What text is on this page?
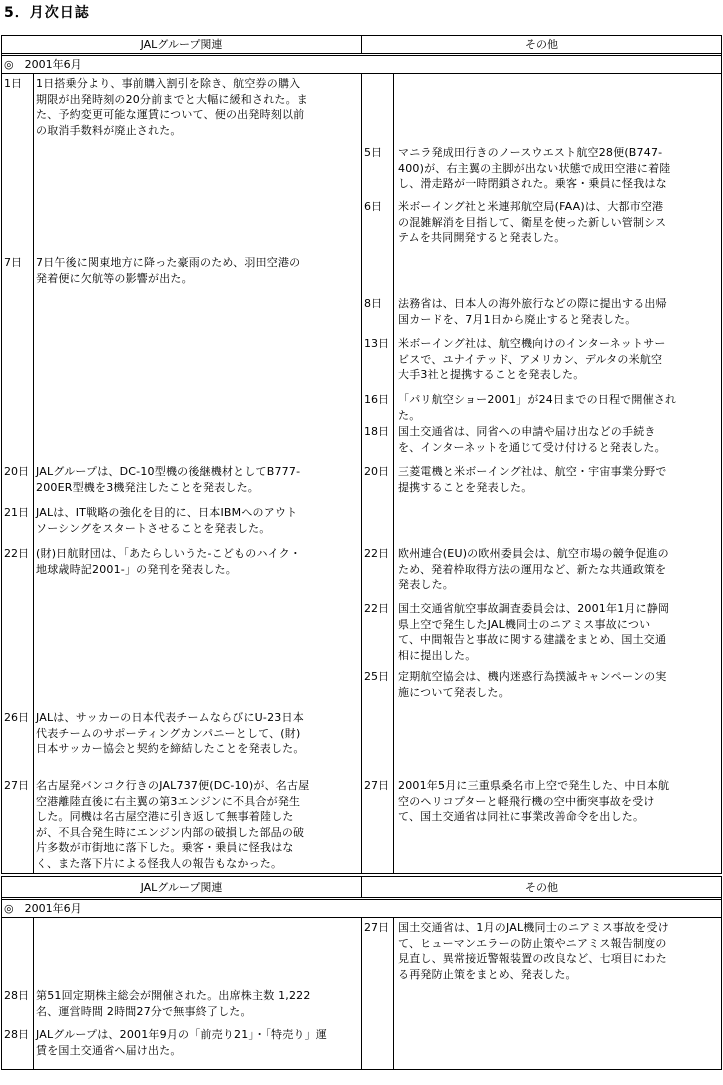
5．月次日誌
JALグループ関連	その他
◎　2001年6月
1日 1日搭乗分より、事前購入割引を除き、航空券の購入
期限が出発時刻の20分前までと大幅に緩和された。ま
た、予約変更可能な運賃について、便の出発時刻以前
の取消手数料が廃止された。
7日 7日午後に関東地方に降った豪雨のため、羽田空港の
発着便に欠航等の影響が出た。
20日 JALグループは、DC-10型機の後継機材としてB777-
200ER型機を3機発注したことを発表した。
21日 JALは、IT戦略の強化を目的に、日本IBMへのアウト
ソーシングをスタートさせることを発表した。
22日 (財)日航財団は、「あたらしいうた-こどものハイク・
地球歳時記2001-」の発刊を発表した。
26日 JALは、サッカーの日本代表チームならびにU-23日本
代表チームのサポーティングカンパニーとして、(財)
日本サッカー協会と契約を締結したことを発表した。
27日 名古屋発バンコク行きのJAL737便(DC-10)が、名古屋
空港離陸直後に右主翼の第3エンジンに不具合が発生
した。同機は名古屋空港に引き返して無事着陸した
が、不具合発生時にエンジン内部の破損した部品の破
片多数が市街地に落下した。乗客・乗員に怪我はな
く、また落下片による怪我人の報告もなかった。
5日 マニラ発成田行きのノースウエスト航空28便(B747-
400)が、右主翼の主脚が出ない状態で成田空港に着陸
し、滑走路が一時閉鎖された。乗客・乗員に怪我はな
6日 米ボーイング社と米連邦航空局(FAA)は、大都市空港
の混雑解消を目指して、衛星を使った新しい管制シス
テムを共同開発すると発表した。
8日 法務省は、日本人の海外旅行などの際に提出する出帰
国カードを、7月1日から廃止すると発表した。
13日 米ボーイング社は、航空機向けのインターネットサー
ビスで、ユナイテッド、アメリカン、デルタの米航空
大手3社と提携することを発表した。
16日 「パリ航空ショー2001」が24日までの日程で開催され
た。
18日 国土交通省は、同省への申請や届け出などの手続き
を、インターネットを通じて受け付けると発表した。
20日 三菱電機と米ボーイング社は、航空・宇宙事業分野で
提携することを発表した。
22日 欧州連合(EU)の欧州委員会は、航空市場の競争促進の
ため、発着枠取得方法の運用など、新たな共通政策を
発表した。
22日 国土交通省航空事故調査委員会は、2001年1月に静岡
県上空で発生したJAL機同士のニアミス事故につい
て、中間報告と事故に関する建議をまとめ、国土交通
相に提出した。
25日 定期航空協会は、機内迷惑行為撲滅キャンペーンの実
施について発表した。
27日 2001年5月に三重県桑名市上空で発生した、中日本航
空のヘリコプターと軽飛行機の空中衝突事故を受け
て、国土交通省は同社に事業改善命令を出した。
JALグループ関連	その他
◎　2001年6月
27日 国土交通省は、1月のJAL機同士のニアミス事故を受け
て、ヒューマンエラーの防止策やニアミス報告制度の
見直し、異常接近警報装置の改良など、七項目にわた
る再発防止策をまとめ、発表した。
28日 第51回定期株主総会が開催された。出席株主数 1,222
名、運営時間 2時間27分で無事終了した。
28日 JALグループは、2001年9月の「前売り21」・「特売り」運
賃を国土交通省へ届け出た。
